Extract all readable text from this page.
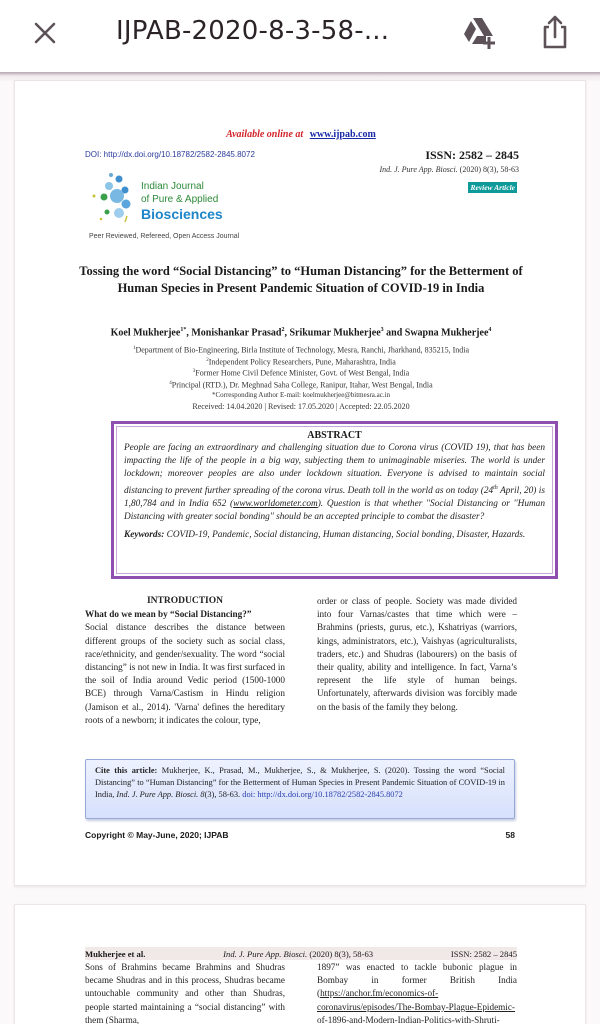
IJPAB-2020-8-3-58-...
Available online at www.ijpab.com
DOI: http://dx.doi.org/10.18782/2582-2845.8072	ISSN: 2582 – 2845
Ind. J. Pure App. Biosci. (2020) 8(3), 58-63
Review Article
Indian Journal
of Pure & Applied
Biosciences
Peer Reviewed, Refereed, Open Access Journal
Tossing the word “Social Distancing” to “Human Distancing” for the Betterment of Human Species in Present Pandemic Situation of COVID-19 in India
Koel Mukherjee$^{1*}$, Monishankar Prasad$^2$, Srikumar Mukherjee$^3$ and Swapna Mukherjee$^4$
$^1$Department of Bio-Engineering, Birla Institute of Technology, Mesra, Ranchi, Jharkhand, 835215, India
$^2$Independent Policy Researchers, Pune, Maharashtra, India
$^3$Former Home Civil Defence Minister, Govt. of West Bengal, India
$^4$Principal (RTD.), Dr. Meghnad Saha College, Ranipur, Itahar, West Bengal, India
*Corresponding Author E-mail: koelmukherjee@bitmesra.ac.in
Received: 14.04.2020 | Revised: 17.05.2020 | Accepted: 22.05.2020
ABSTRACT

People are facing an extraordinary and challenging situation due to Corona virus (COVID 19), that has been impacting the life of the people in a big way, subjecting them to unimaginable miseries. The world is under lockdown; moreover peoples are also under lockdown situation. Everyone is advised to maintain social distancing to prevent further spreading of the corona virus. Death toll in the world as on today (24th April, 20) is 1,80,784 and in India 652 (www.worldometer.com). Question is that whether ''Social Distancing or ''Human Distancing with greater social bonding'' should be an accepted principle to combat the disaster?

Keywords: COVID-19, Pandemic, Social distancing, Human distancing, Social bonding, Disaster, Hazards.

INTRODUCTION
What do we mean by “Social Distancing?”

Social distance describes the distance between different groups of the society such as social class, race/ethnicity, and gender/sexuality. The word “social distancing” is not new in India. It was first surfaced in the soil of India around Vedic period (1500-1000 BCE) through Varna/Castism in Hindu religion (Jamison et al., 2014). 'Varna' defines the hereditary roots of a newborn; it indicates the colour, type,

order or class of people. Society was made divided into four Varnas/castes that time which were – Brahmins (priests, gurus, etc.), Kshatriyas (warriors, kings, administrators, etc.), Vaishyas (agriculturalists, traders, etc.) and Shudras (labourers) on the basis of their quality, ability and intelligence. In fact, Varna’s represent the life style of human beings. Unfortunately, afterwards division was forcibly made on the basis of the family they belong.

Cite this article: Mukherjee, K., Prasad, M., Mukherjee, S., & Mukherjee, S. (2020). Tossing the word “Social Distancing” to “Human Distancing” for the Betterment of Human Species in Present Pandemic Situation of COVID-19 in India, Ind. J. Pure App. Biosci. 8(3), 58-63. doi: http://dx.doi.org/10.18782/2582-2845.8072
Copyright © May-June, 2020; IJPAB	58
Mukherjee et al.	Ind. J. Pure App. Biosci. (2020) 8(3), 58-63	ISSN: 2582 – 2845
Sons of Brahmins became Brahmins and Shudras became Shudras and in this process, Shudras became untouchable community and other than Shudras, people started maintaining a “social distancing” with them (Sharma,
1897” was enacted to tackle bubonic plague in Bombay in former British India (https://anchor.fm/economics-of-coronavirus/episodes/The-Bombay-Plague-Epidemic-of-1896-and-Modern-Indian-Politics-with-Shruti-
